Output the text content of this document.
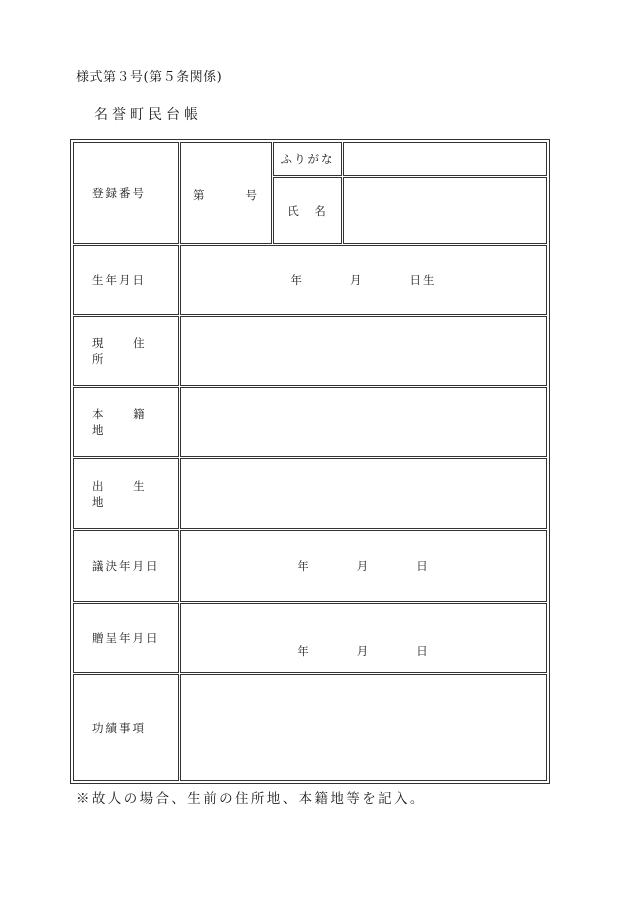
様式第３号(第５条関係)
名誉町民台帳
登録番号	第 号	ふりがな	
		氏　名	
生年月日	年 月 日生		

現 住 所			
本 籍 地			
出 生 地			
議決年月日	年 月 日		

贈呈年月日	年 月 日		

功績事項			
※故人の場合、生前の住所地、本籍地等を記入。
